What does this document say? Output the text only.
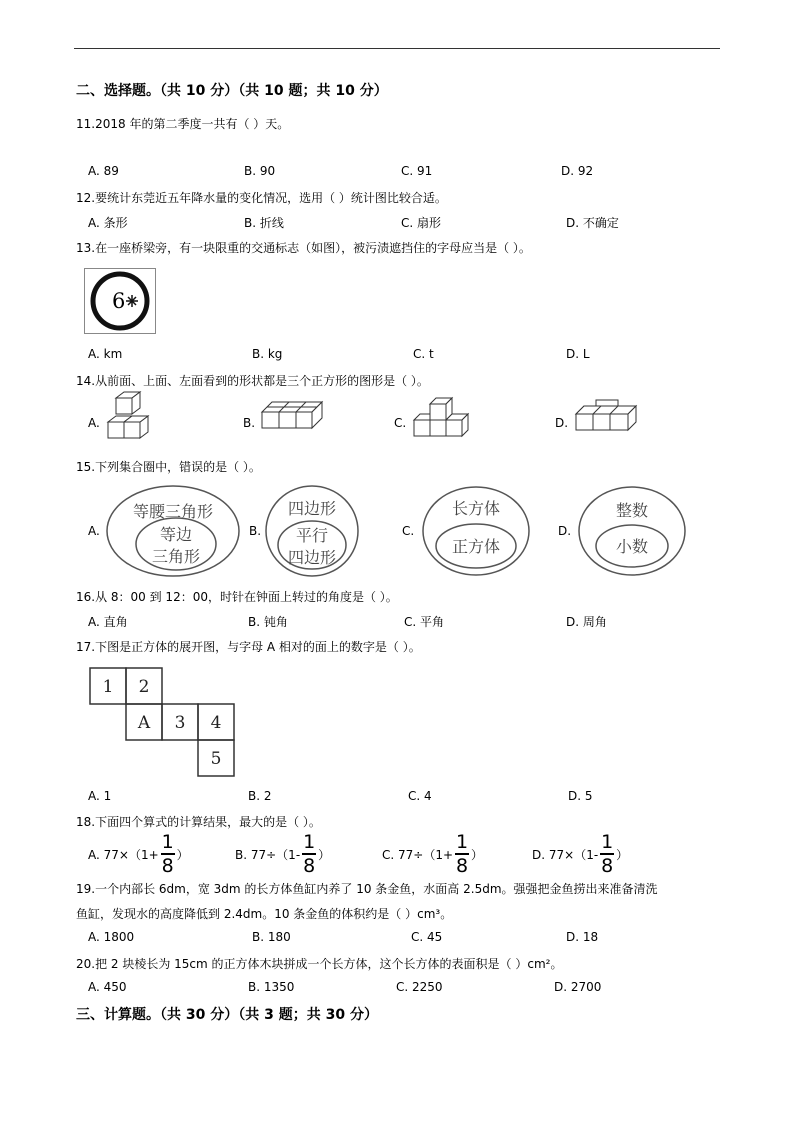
二、选择题。（共 10 分）（共 10 题；共 10 分）
11.2018 年的第二季度一共有（ ）天。
A. 89	B. 90	C. 91	D. 92
12.要统计东莞近五年降水量的变化情况，选用（ ）统计图比较合适。
A. 条形	B. 折线	C. 扇形	D. 不确定
13.在一座桥梁旁，有一块限重的交通标志（如图），被污渍遮挡住的字母应当是（ ）。
6
A. km	B. kg	C. t	D. L
14.从前面、上面、左面看到的形状都是三个正方形的图形是（ ）。
A.	B.	C.	D.
15.下列集合圈中，错误的是（ ）。
A.	B.	C.	D.
等腰三角形
等边
三角形
四边形
平行
四边形
长方体
正方体
整数
小数
16.从 8：00 到 12：00，时针在钟面上转过的角度是（ ）。
A. 直角	B. 钝角	C. 平角	D. 周角
17.下图是正方体的展开图，与字母 A 相对的面上的数字是（ ）。
1 2
A 3 4
5
A. 1	B. 2	C. 4	D. 5
18.下面四个算式的计算结果，最大的是（ ）。
A. $77\times(1+ \frac{1}{8}$ ）	B. $77\div(1- \frac{1}{8}$ ）	C. $77\div(1+ \frac{1}{8}$ ）	D. $77\times(1- \frac{1}{8}$ ）
19.一个内部长 6dm，宽 3dm 的长方体鱼缸内养了 10 条金鱼，水面高 2.5dm。强强把金鱼捞出来准备清洗
鱼缸，发现水的高度降低到 2.4dm。10 条金鱼的体积约是（ ）cm³。
A. 1800	B. 180	C. 45	D. 18
20.把 2 块棱长为 15cm 的正方体木块拼成一个长方体，这个长方体的表面积是（ ）cm²。
A. 450	B. 1350	C. 2250	D. 2700
三、计算题。（共 30 分）（共 3 题；共 30 分）
